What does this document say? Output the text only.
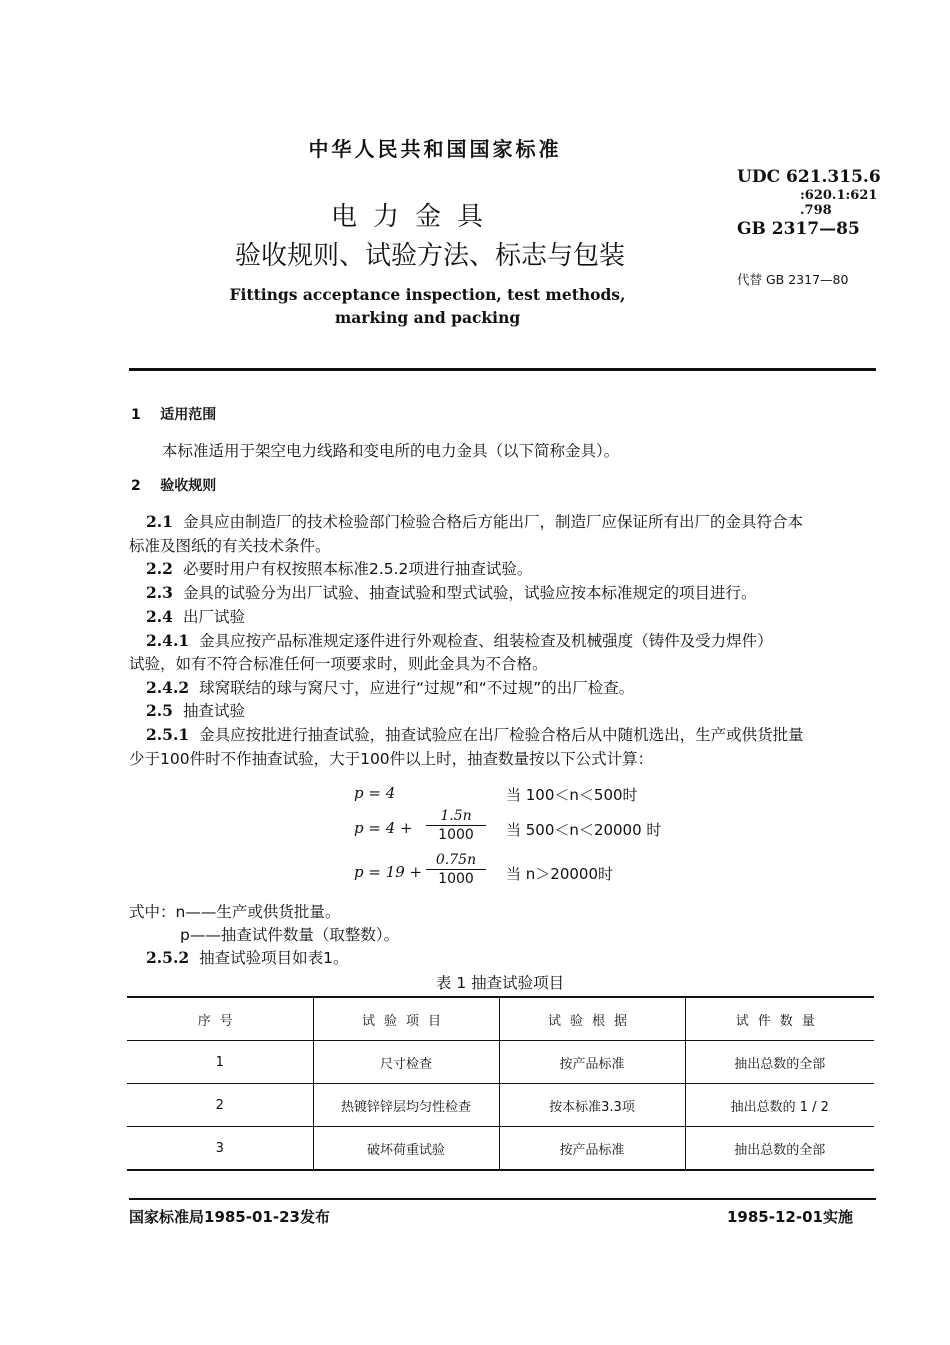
中华人民共和国国家标准
UDC 621.315.6
:620.1:621
.798
GB 2317—85
代替 GB 2317—80
电力金具
验收规则、试验方法、标志与包装
Fittings acceptance inspection, test methods,
marking and packing
1 适用范围
本标准适用于架空电力线路和变电所的电力金具（以下简称金具）。
2 验收规则
2.1 金具应由制造厂的技术检验部门检验合格后方能出厂，制造厂应保证所有出厂的金具符合本
标准及图纸的有关技术条件。
2.2 必要时用户有权按照本标准2.5.2项进行抽查试验。
2.3 金具的试验分为出厂试验、抽查试验和型式试验，试验应按本标准规定的项目进行。
2.4 出厂试验
2.4.1 金具应按产品标准规定逐件进行外观检查、组装检查及机械强度（铸件及受力焊件）
试验，如有不符合标准任何一项要求时，则此金具为不合格。
2.4.2 球窝联结的球与窝尺寸，应进行“过规”和“不过规”的出厂检查。
2.5 抽查试验
2.5.1 金具应按批进行抽查试验，抽查试验应在出厂检验合格后从中随机选出，生产或供货批量
少于100件时不作抽查试验，大于100件以上时，抽查数量按以下公式计算：
p = 4	当 100＜n＜500时
p = 4 +
1.5n
1000	当 500＜n＜20000 时
p = 19 +
0.75n
1000	当 n＞20000时
式中：n——生产或供货批量。
p——抽查试件数量（取整数）。
2.5.2 抽查试验项目如表1。
表 1 抽查试验项目
序号	试验项目	试验根据	试件数量
1	尺寸检查	按产品标准	抽出总数的全部
2	热镀锌锌层均匀性检查	按本标准3.3项	抽出总数的 1 / 2
3	破坏荷重试验	按产品标准	抽出总数的全部
国家标准局1985-01-23发布	1985-12-01实施
